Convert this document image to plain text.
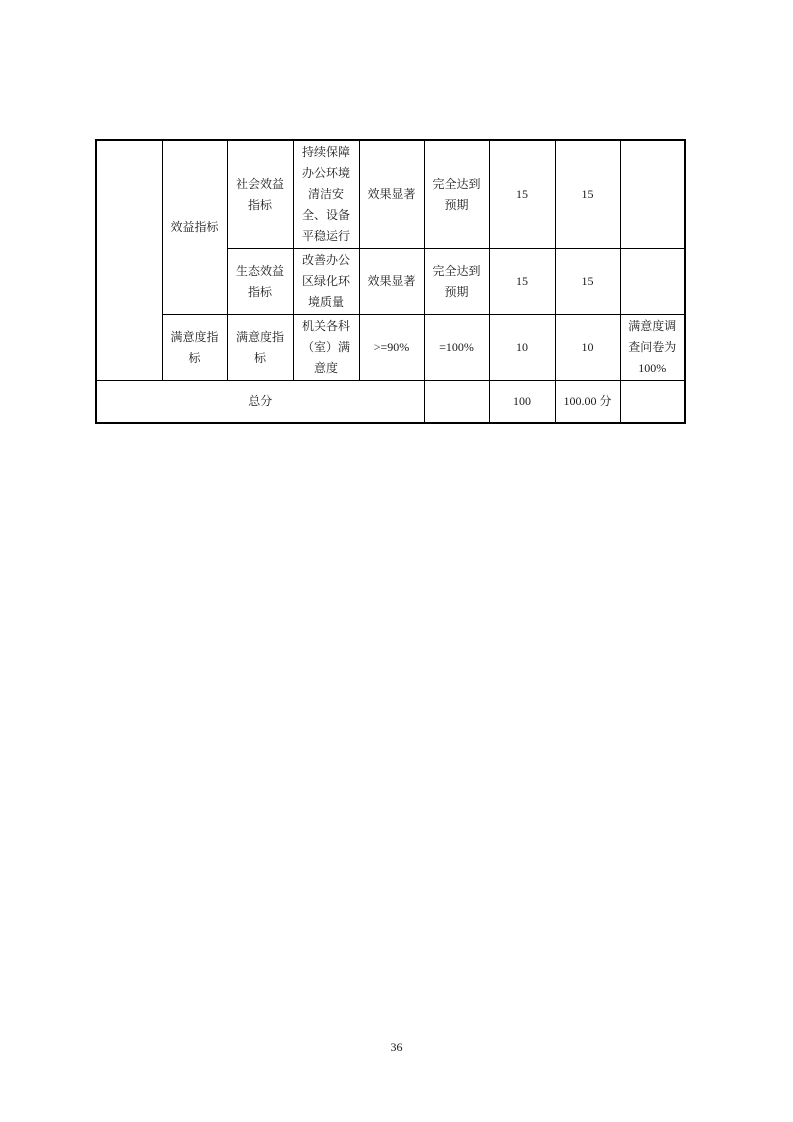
	效益指标	社会效益指标	持续保障办公环境清洁安全、设备平稳运行	效果显著	完全达到预期	15	15	
		生态效益指标	改善办公区绿化环境质量	效果显著	完全达到预期	15	15	
	满意度指标	满意度指标	机关各科（室）满意度	>=90%	=100%	10	10	满意度调查问卷为100%
总分						100	100.00 分	
36
